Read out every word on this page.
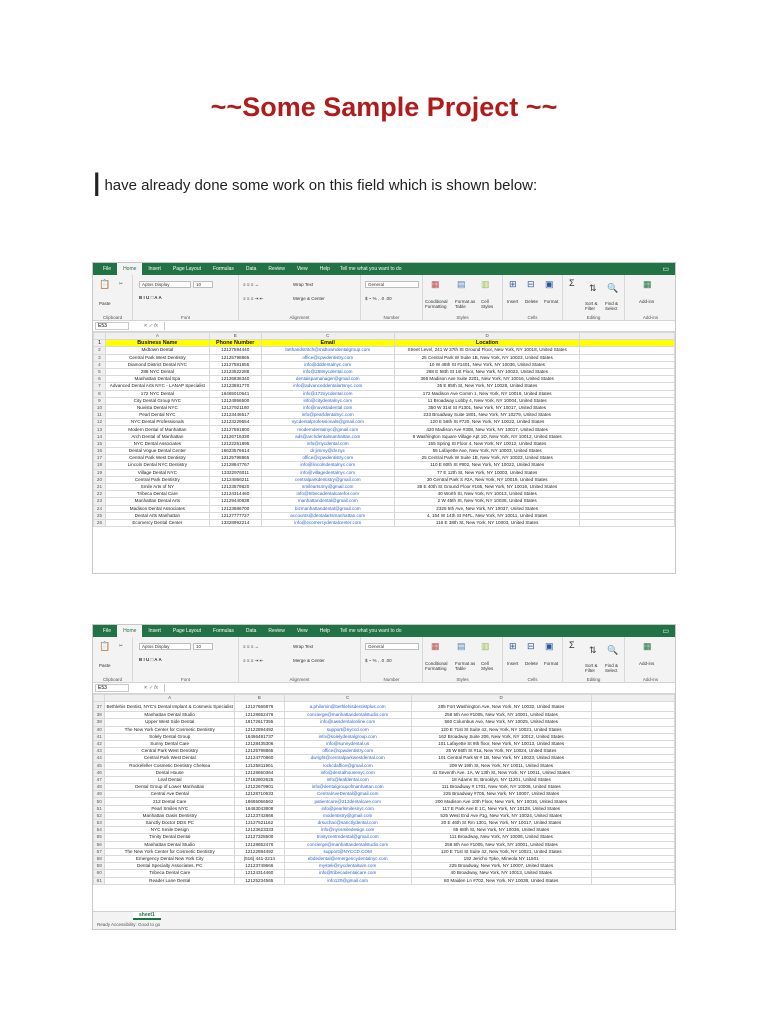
~~Some Sample Project ~~
Ihave already done some work on this field which is shown below:
File	Home	Insert	Page Layout	Formulas	Data	Review	View	Help	Tell me what you want to do	▭
Clipboard	Font	Alignment	Number	Styles	Cells	Editing	Add-ins
📋
Paste
✂	Aptos Display	10
B I U □ A A
≡ ≡ ≡ ↔
≡ ≡ ≡ ⇥ ⇤
Wrap Text
Merge & Center
General
$ ~ % , .0 .00
▦ ▤ ▥
Conditional Formatting
Format as Table
Cell Styles
⊞ ⊟ ▣
Insert Delete Format
Σ ⇅ 🔍
Sort & Filter
Find & Select
▦
Add-ins
E53	✕ ✓ fx
	A	B	C	D	
1	Business Name	Phone Number	Email	Location	
2	Midtown Dental	12127594440	bethandstritch@midtowndentalgroup.com	Street Level, 241 W 37th St Ground Floor, New York, NY 10018, United States	
3	Central Park West Dentistry	12125798865	office@cpwdentistry.com	25 Central Park W Suite 1B, New York, NY 10023, United States	
4	Diamond District Dental NYC	12127581555	info@dddentalnyc.com	10 W 48th St #1401, New York, NY 10036, United States	
5	288 NYC Dental	12123522288	info@288nycdental.com	288 E 58th St 1st Floor, New York, NY 10022, United States	
6	Manhattan Dental Spa	12126836340	dentalspamanager@gmail.com	366 Madison Ave Suite 2201, New York, NY 10016, United States	
7	Advanced Dental Arts NYC - LANAP Specialist	12123591770	info@advanceddentalartsnyc.com	35 E 85th St, New York, NY 10028, United States	
8	172 NYC Dental	16465010641	info@172nycdental.com	172 Madison Ave Comm 1, New York, NY 10016, United States	
9	City Dental Group NYC	12124956500	info@citydentalnyc.com	11 Broadway Lobby 4, New York, NY 10004, United States	
10	Nuvista Dental NYC	12127921160	info@nuvistadental.com	350 W 31st St #1301, New York, NY 10017, United States	
11	Pearl Dental NYC	12123446517	info@pearldentalnyc.com	233 Broadway Suite 1801, New York, NY 10279, United States	
12	NYC Dental Professionals	12123229554	nycdentalprofessionals@gmail.com	120 E 56th St #720, New York, NY 10022, United States	
13	Modern Dental of Manhattan	12127591800	moderndentalnyc@gmail.com	420 Madison Ave #308, New York, NY 10017, United States	
14	Arch Dental of Manhattan	12126716330	ads@archdentalmanhattan.com	8 Washington Square Village Apt 1D, New York, NY 10012, United States	
15	NYC Dental Associates	12122251895	info@nycdental.com	155 Spring St Floor 4, New York, NY 10012, United States	
16	Dental Vogue Dental Center	16623576614	dr.jimmy@dv.nyc	55 Lafayette Ave, New York, NY 10003, United States	
17	Central Park West Dentistry	12125798865	office@cpwdentistry.com	25 Central Park W Suite 1B, New York, NY 10023, United States	
18	Lincoln Dental NYC Dentistry	12128847767	info@lincolndentalnyc.com	110 E 60th St #802, New York, NY 10022, United States	
19	Village Dental NYC	13322976011	info@villagedentalnyc.com	77 E 12th St, New York, NY 10003, United States	
20	Central Park Dentistry	12124866211	centralparkdentistry@gmail.com	30 Central Park S #2A, New York, NY 10019, United States	
21	Smile Arts of NY	12123579820	smilearts4ny@gmail.com	38 E 40th St Ground Floor #165, New York, NY 10016, United States	
22	Tribeca Dental Care	12124314460	info@tribecadentalcarefor.com	40 Worth St, New York, NY 10013, United States	
23	Manhattan Dental Arts	12129440838	manhattandental@gmail.com	2 W 45th St, New York, NY 10036, United States	
24	Madison Dental Associates	12123686700	bizmanhattandental@gmail.com	2325 5th Ave, New York, NY 10037, United States	
25	Dental Arts Manhattan	12127777727	accounts@dentalartsmanhattan.com	4, 154 W 14th St #4FL, New York, NY 10011, United States	
26	Ecomercy Dental Center	13328992214	info@ecomercydentalcenter.com	116 E 38th St, New York, NY 10003, United States	
File	Home	Insert	Page Layout	Formulas	Data	Review	View	Help	Tell me what you want to do	▭
Clipboard	Font	Alignment	Number	Styles	Cells	Editing	Add-ins
📋
Paste
✂	Aptos Display	10
B I U □ A A
≡ ≡ ≡ ↔
≡ ≡ ≡ ⇥ ⇤
Wrap Text
Merge & Center
General
$ ~ % , .0 .00
▦ ▤ ▥
Conditional Formatting
Format as Table
Cell Styles
⊞ ⊟ ▣
Insert Delete Format
Σ ⇅ 🔍
Sort & Filter
Find & Select
▦
Add-ins
E53	✕ ✓ fx
	A	B	C	D	
37	Bethlehis Dentist, NYC's Dental Implant & Cosmetic Specialist	12127666876	a.philomin@bethlehisdentistplus.com	285 Fort Washington Ave, New York, NY 10032, United States	
38	Manhattan Dental Studio	12128652476	concierge@manhattandentalstudio.com	258 5th Ave #1005, New York, NY 10001, United States	
39	Upper West Side Dental	19172617355	info@uwsdentalonline.com	560 Columbus Ave, New York, NY 10025, United States	
40	The New York Center for Cosmetic Dentistry	12122894492	support@nyccd.com	120 E 71st St Suite 42, New York, NY 10021, United States	
41	Solely Dental Group	16466491737	info@solelydentalgroup.com	162 Broadway Suite 206, New York, NY 10012, United States	
42	Sunny Dental Care	12128435306	info@sunnydental.us	101 Lafayette St 9th floor, New York, NY 10013, United States	
43	Central Park West Dentistry	12125798865	office@cpwdentistry.com	25 W 86th St #1a, New York, NY 10024, United States	
44	Central Park West Dental	12124770860	dwright@centralparkwestdental.com	101 Central Park W # 1B, New York, NY 10023, United States	
45	Rockefeller Cosmetic Dentistry Chelsea	12125811901	rockcdaffice@gmail.com	209 W 19th St, New York, NY 10011, United States	
46	Dental House	12128650364	info@dentalhousenyc.com	41 Seventh Ave. 1A, W 13th St, New York, NY 10011, United States	
47	Leaf Dental	17182802625	info@leafdental.com	18 Adams St, Brooklyn, NY 11201, United States	
48	Dental Group of Lower Manhattan	12122679901	info@dentalgroupofmanhattan.com	111 Broadway # 1701, New York, NY 10006, United States	
49	Central Ave Dental	12128710633	CentralAveDental@gmail.com	225 Broadway #705, New York, NY 10007, United States	
50	212 Dental Care	18665056562	patientcare@212dentalcare.com	200 Madison Ave 10th Floor, New York, NY 10016, United States	
51	Pearl Smiles NYC	16463043808	info@pearlsmilesnyc.com	117 E Park Ave E 1C, New York, NY 10128, United States	
52	Manhattan Oasis Dentistry	12123742866	modentistry@gmail.com	525 West End Ave #1g, New York, NY 10024, United States	
53	Sanctly Doctor DDS PC	12127521162	drsuchac@sanctlydental.com	20 E 46th St Rm 1301, New York, NY 10017, United States	
54	NYC Smile Design	12123623333	info@nycsmiledesign.com	65 68th St, New York, NY 10036, United States	
55	Trinity Dental Dental	12127328500	trinitycentredental@gmail.com	111 Broadway, New York, NY 10006, United States	
56	Manhattan Dental Studio	12128652476	concierge@manhattandentalstudio.com	258 5th Ave #1005, New York, NY 10001, United States	
57	The New York Center for Cosmetic Dentistry	12122894492	support@NYCCD.COM	120 E 71st St Suite 42, New York, NY 10021, United States	
58	Emergency Dental New York City	(516) 441-2214	ebdedental@emergencydentalnyc.com	192 Jericho Tpke, Mineola NY 11501	
59	Dental Specialty Associates, PC	12123749666	mysteli@nycdentalsam.com	225 Broadway, New York, NY 10007, United States	
60	Tribeca Dental Care	12124314460	info@tribecadentalcare.com	40 Broadway, New York, NY 10013, United States	
61	Reader Lane Dental	12125234565	info120@gmail.com	80 Maiden Ln #702, New York, NY 10038, United States	
sheet1
Ready Accessibility: Good to go
